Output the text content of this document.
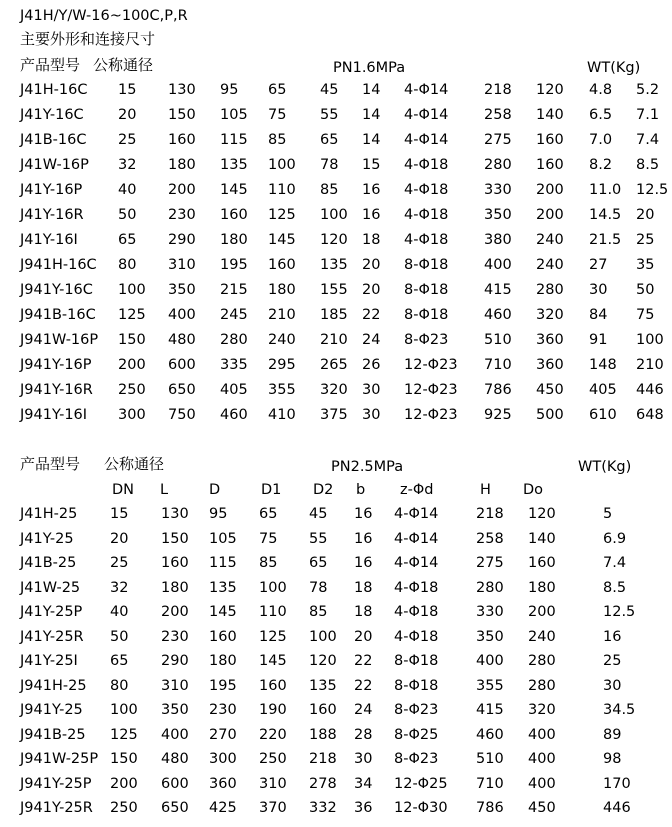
J41H/Y/W-16~100C,P,R
主要外形和连接尺寸
产品型号 公称通径	PN1.6MPa	WT(Kg)
J41H-16C 15 130 95 65 45 14 4-Φ14 218 120 4.8 5.2
J41Y-16C 20 150 105 75 55 14 4-Φ14 258 140 6.5 7.1
J41B-16C 25 160 115 85 65 14 4-Φ14 275 160 7.0 7.4
J41W-16P 32 180 135 100 78 15 4-Φ18 280 160 8.2 8.5
J41Y-16P 40 200 145 110 85 16 4-Φ18 330 200 11.0 12.5
J41Y-16R 50 230 160 125 100 16 4-Φ18 350 200 14.5 20
J41Y-16I	65 290 180 145 120 18 4-Φ18 380 240 21.5 25
J941H-16C 80 310 195 160 135 20 8-Φ18 400 240 27 35
J941Y-16C 100 350 215 180 155 20 8-Φ18 415 280 30 50
J941B-16C 125 400 245 210 185 22 8-Φ18 460 320 84 75
J941W-16P 150 480 280 240 210 24 8-Φ23 510 360 91 100
J941Y-16P 200 600 335 295 265 26 12-Φ23 710 360 148 210
J941Y-16R 250 650 405 355 320 30 12-Φ23 786 450 405 446
J941Y-16I 300 750 460 410 375 30 12-Φ23 925 500 610 648
产品型号 公称通径	PN2.5MPa	WT(Kg)
DN L	D	D1 D2 b z-Φd	H Do
J41H-25 15 130 95 65 45 16 4-Φ14	218 120	5
J41Y-25	20 150 105 75 55 16 4-Φ14	258 140	6.9
J41B-25 25 160 115 85 65 16 4-Φ14	275 160	7.4
J41W-25 32 180 135 100 78 18 4-Φ18	280 180	8.5
J41Y-25P 40 200 145 110 85 18 4-Φ18	330 200	12.5
J41Y-25R 50 230 160 125 100 20 4-Φ18	350 240	16
J41Y-25I 65 290 180 145 120 22 8-Φ18	400 280	25
J941H-25 80 310 195 160 135 22 8-Φ18	355 280	30
J941Y-25 100 350 230 190 160 24 8-Φ23	415 320	34.5
J941B-25 125 400 270 220 188 28 8-Φ25	460 400	89
J941W-25P 150 480 300 250 218 30 8-Φ23	510 400	98
J941Y-25P 200 600 360 310 278 34 12-Φ25 710 400	170
J941Y-25R 250 650 425 370 332 36 12-Φ30 786 450	446
